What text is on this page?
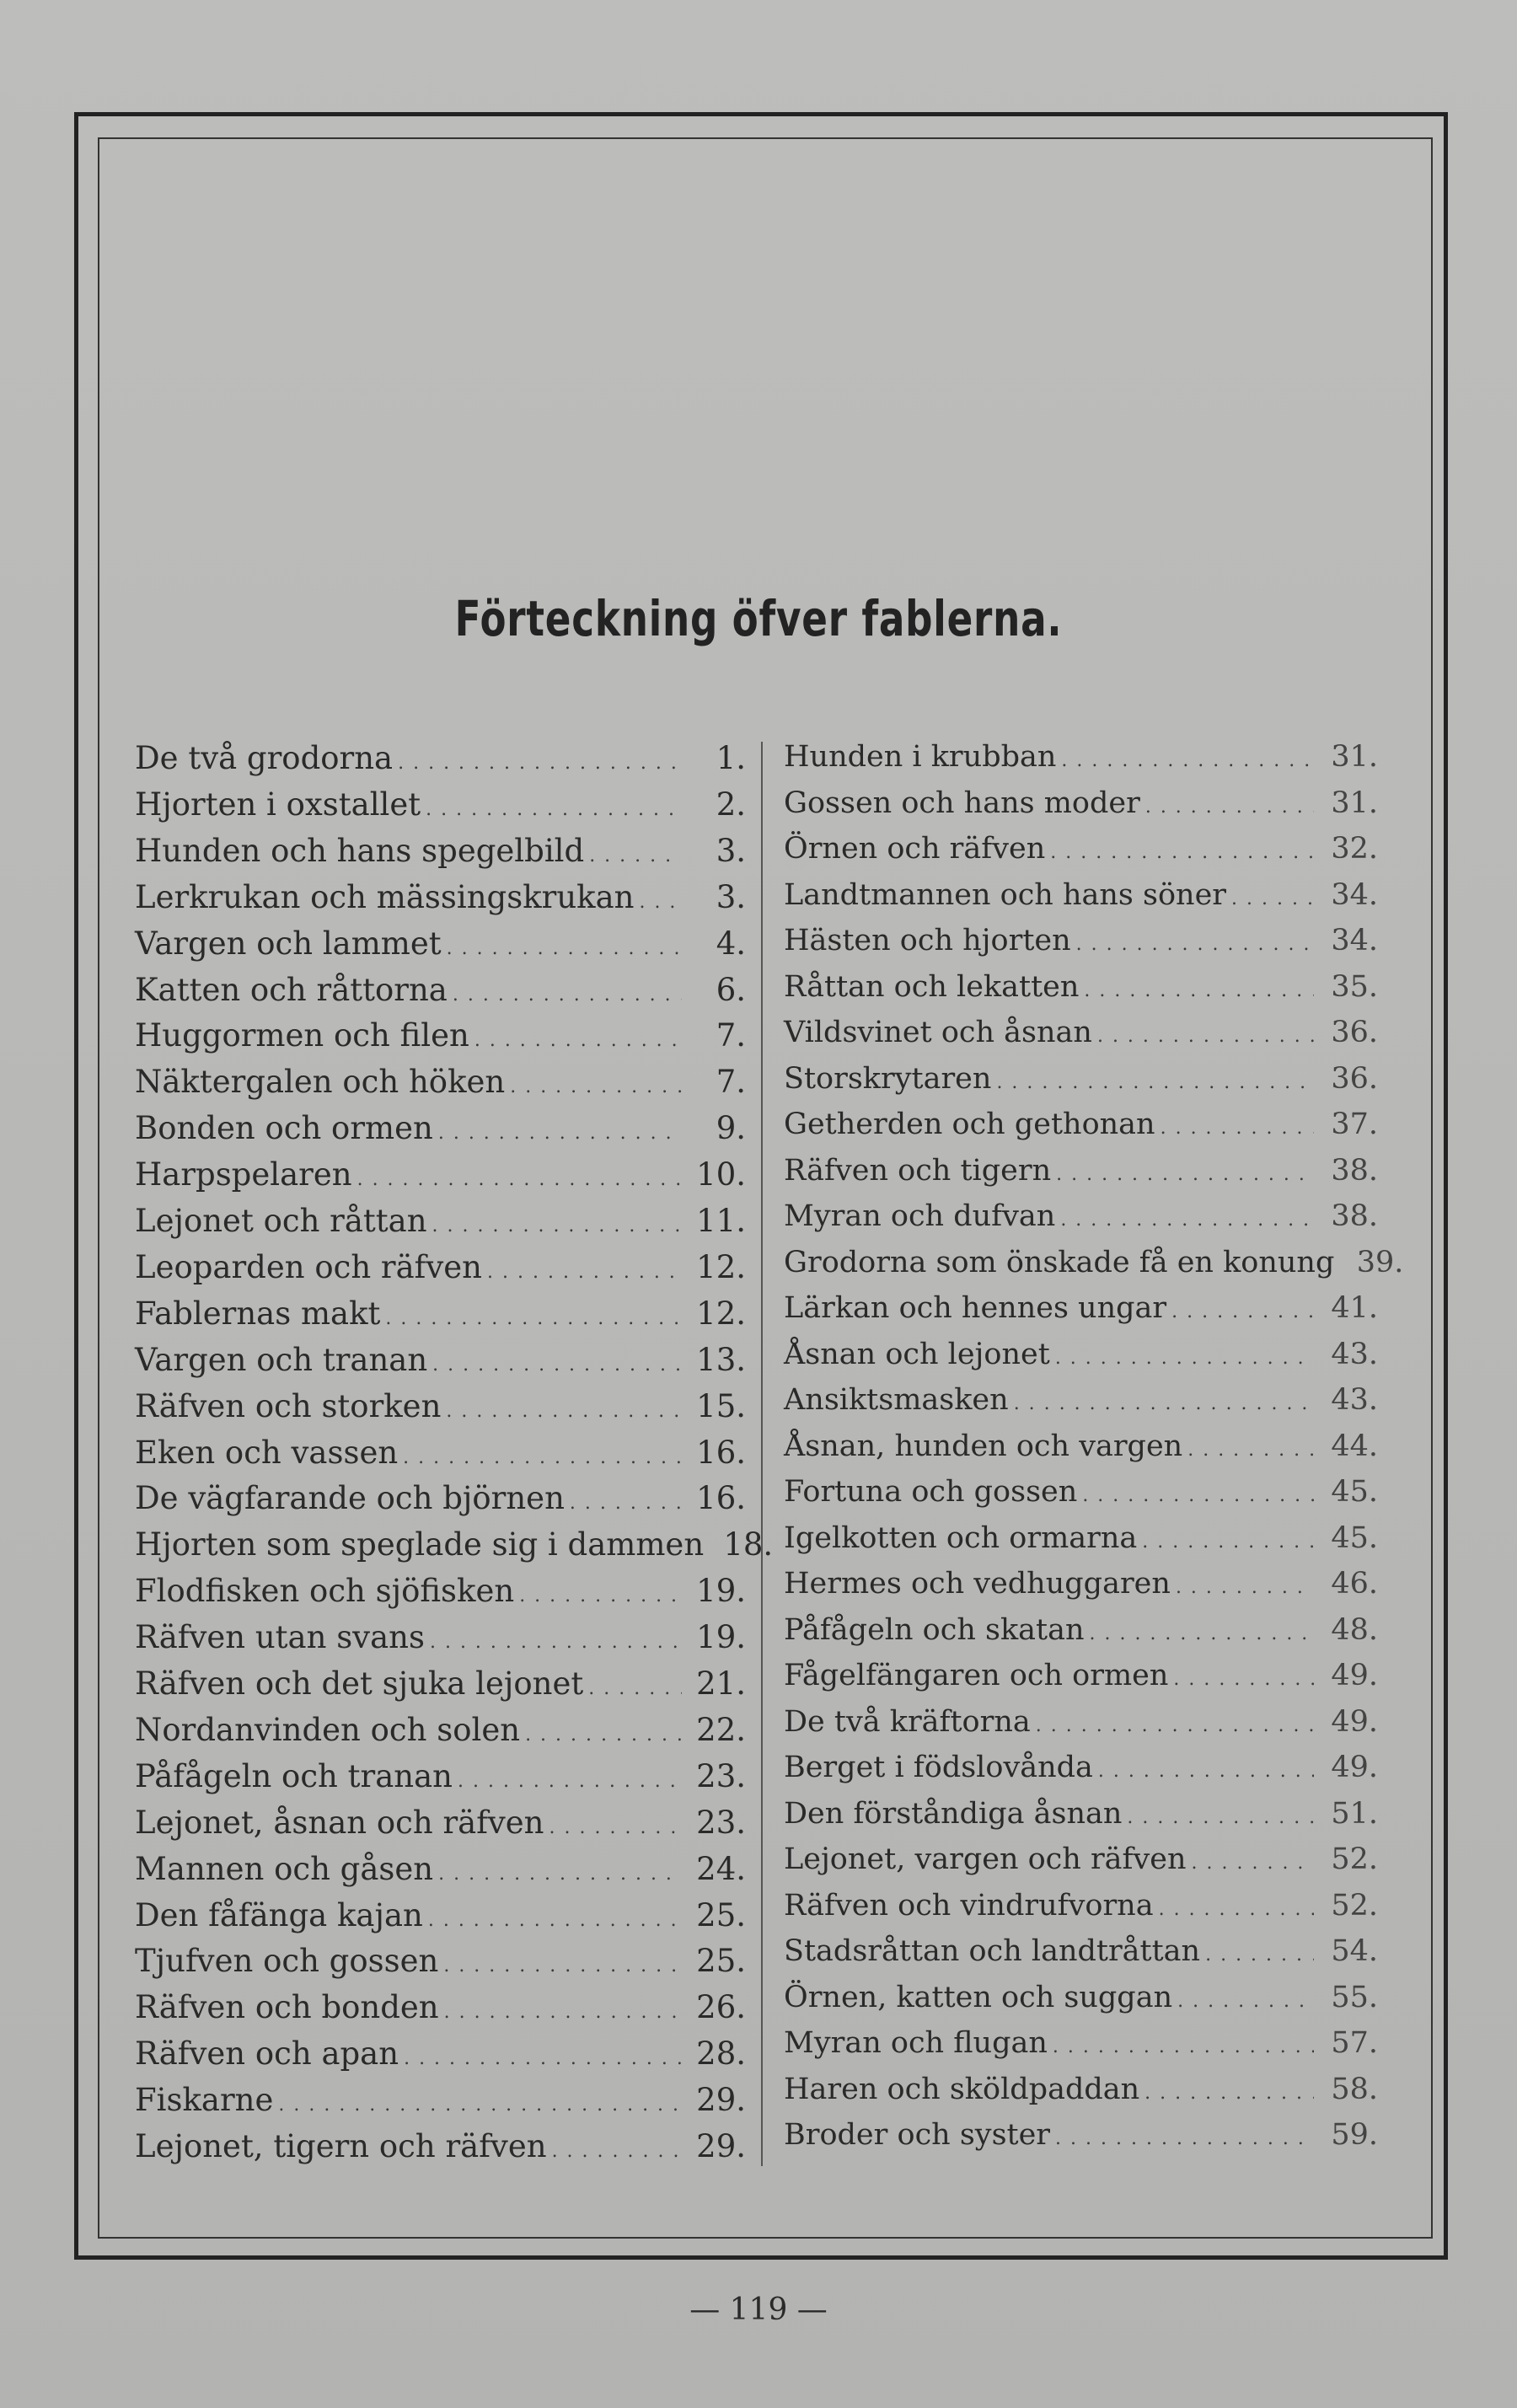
Förteckning öfver fablerna.
De två grodorna . . .	1.
Hjorten i oxstallet . . .	2.
Hunden och hans spegelbild . . .	3.
Lerkrukan och mässingskrukan . . .	3.
Vargen och lammet . . .	4.
Katten och råttorna . . .	6.
Huggormen och filen . . .	7.
Näktergalen och höken . . .	7.
Bonden och ormen . . .	9.
Harpspelaren . . .	10.
Lejonet och råttan . . .	11.
Leoparden och räfven . . .	12.
Fablernas makt . . .	12.
Vargen och tranan . . .	13.
Räfven och storken . . .	15.
Eken och vassen . . .	16.
De vägfarande och björnen . . .	16.
Hjorten som speglade sig i dammen 18.
Flodfisken och sjöfisken . . .	19.
Räfven utan svans . . .	19.
Räfven och det sjuka lejonet . . .	21.
Nordanvinden och solen . . .	22.
Påfågeln och tranan . . .	23.
Lejonet, åsnan och räfven . . .	23.
Mannen och gåsen . . .	24.
Den fåfänga kajan . . .	25.
Tjufven och gossen . . .	25.
Räfven och bonden . . .	26.
Räfven och apan . . .	28.
Fiskarne . . .	29.
Lejonet, tigern och räfven . . .	29.
Hunden i krubban . . .	31.
Gossen och hans moder . . .	31.
Örnen och räfven . . .	32.
Landtmannen och hans söner . . .	34.
Hästen och hjorten . . .	34.
Råttan och lekatten . . .	35.
Vildsvinet och åsnan . . .	36.
Storskrytaren . . .	36.
Getherden och gethonan . . .	37.
Räfven och tigern . . .	38.
Myran och dufvan . . .	38.
Grodorna som önskade få en konung 39.
Lärkan och hennes ungar . . .	41.
Åsnan och lejonet . . .	43.
Ansiktsmasken . . .	43.
Åsnan, hunden och vargen . . .	44.
Fortuna och gossen . . .	45.
Igelkotten och ormarna . . .	45.
Hermes och vedhuggaren . . .	46.
Påfågeln och skatan . . .	48.
Fågelfängaren och ormen . . .	49.
De två kräftorna . . .	49.
Berget i födslovånda . . .	49.
Den förståndiga åsnan . . .	51.
Lejonet, vargen och räfven . . .	52.
Räfven och vindrufvorna . . .	52.
Stadsråttan och landtråttan . . .	54.
Örnen, katten och suggan . . .	55.
Myran och flugan . . .	57.
Haren och sköldpaddan . . .	58.
Broder och syster . . .	59.
— 119 —
